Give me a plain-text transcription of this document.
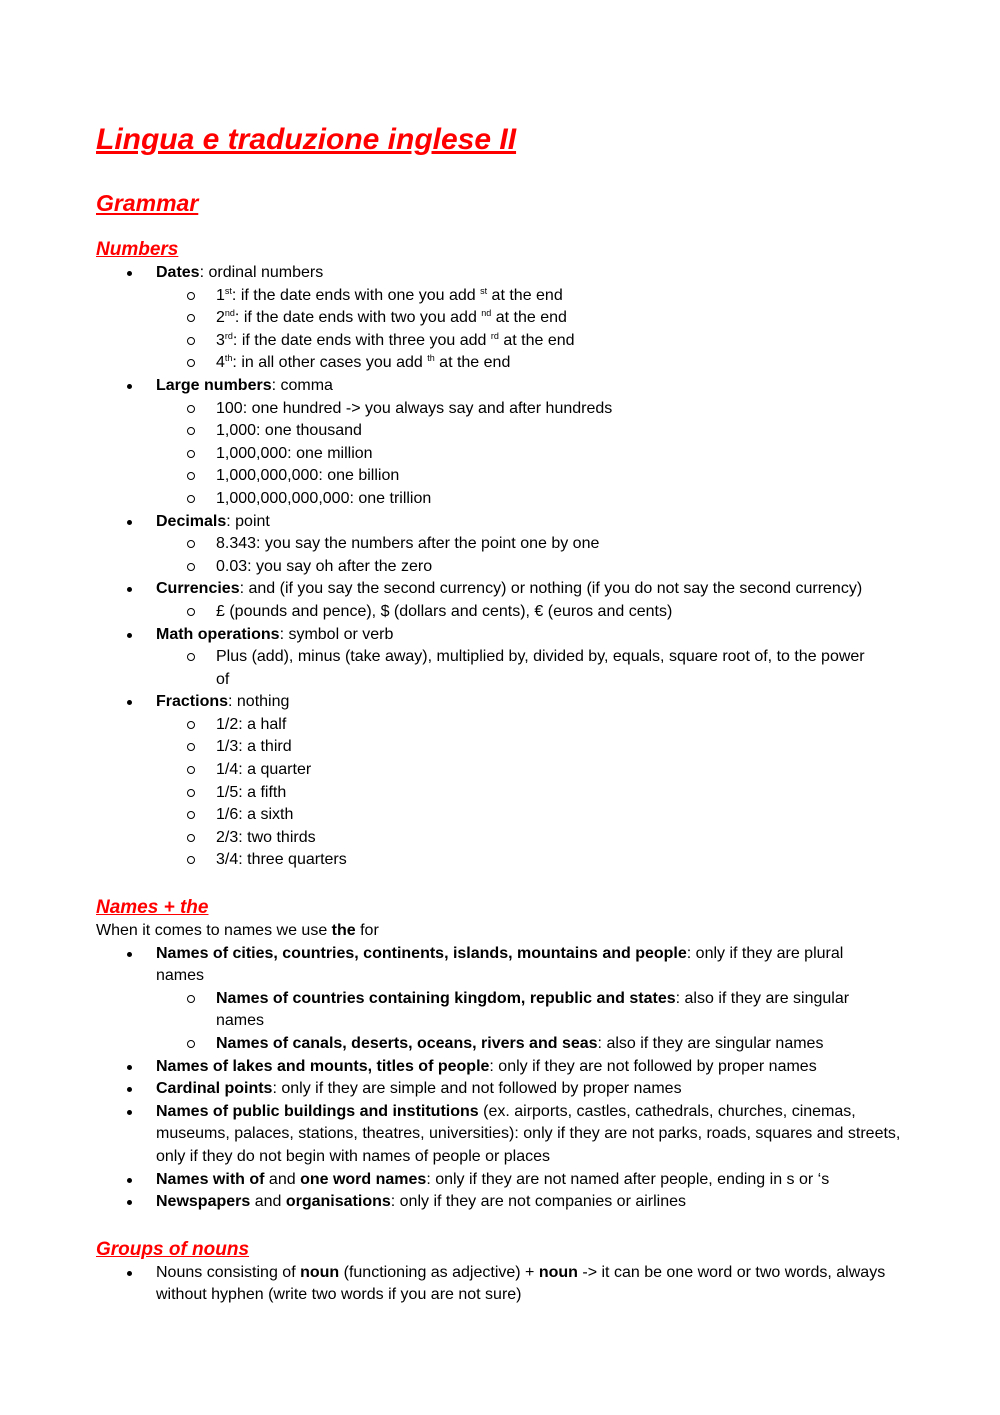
Lingua e traduzione inglese II
Grammar
Numbers
Dates: ordinal numbers
1st: if the date ends with one you add $^{st}$ at the end
2nd: if the date ends with two you add $^{nd}$ at the end
3rd: if the date ends with three you add $^{rd}$ at the end
4th: in all other cases you add $^{th}$ at the end
Large numbers: comma
100: one hundred -> you always say and after hundreds
1,000: one thousand
1,000,000: one million
1,000,000,000: one billion
1,000,000,000,000: one trillion
Decimals: point
8.343: you say the numbers after the point one by one
0.03: you say oh after the zero
Currencies: and (if you say the second currency) or nothing (if you do not say the second currency)
£ (pounds and pence), $ (dollars and cents), € (euros and cents)
Math operations: symbol or verb
Plus (add), minus (take away), multiplied by, divided by, equals, square root of, to the power of
Fractions: nothing
1/2: a half
1/3: a third
1/4: a quarter
1/5: a fifth
1/6: a sixth
2/3: two thirds
3/4: three quarters
Names + the

When it comes to names we use the for

Names of cities, countries, continents, islands, mountains and people: only if they are plural names
Names of countries containing kingdom, republic and states: also if they are singular names
Names of canals, deserts, oceans, rivers and seas: also if they are singular names
Names of lakes and mounts, titles of people: only if they are not followed by proper names
Cardinal points: only if they are simple and not followed by proper names
Names of public buildings and institutions (ex. airports, castles, cathedrals, churches, cinemas, museums, palaces, stations, theatres, universities): only if they are not parks, roads, squares and streets, only if they do not begin with names of people or places
Names with of and one word names: only if they are not named after people, ending in s or ‘s
Newspapers and organisations: only if they are not companies or airlines
Groups of nouns
Nouns consisting of noun (functioning as adjective) + noun -> it can be one word or two words, always without hyphen (write two words if you are not sure)
